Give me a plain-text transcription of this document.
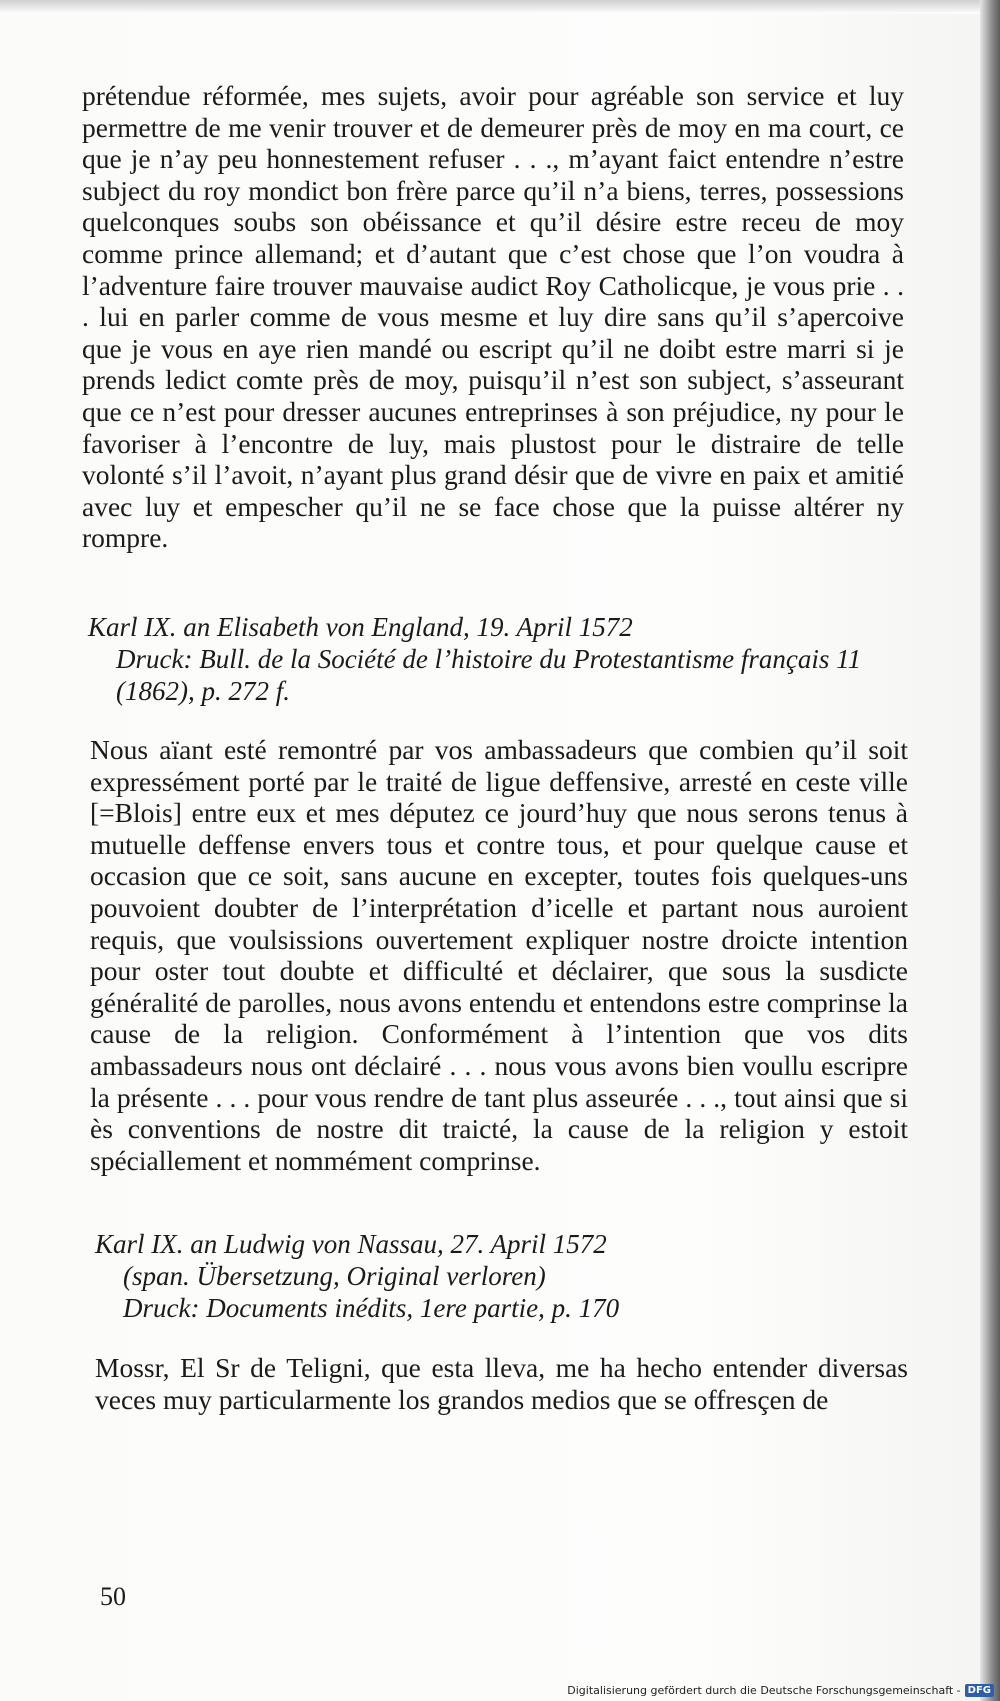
prétendue réformée, mes sujets, avoir pour agréable son service et luy permettre de me venir trouver et de demeurer près de moy en ma court, ce que je n’ay peu honnestement refuser . . ., m’ayant faict entendre n’estre subject du roy mondict bon frère parce qu’il n’a biens, terres, possessions quelconques soubs son obéissance et qu’il désire estre receu de moy comme prince allemand; et d’autant que c’est chose que l’on voudra à l’adventure faire trouver mauvaise audict Roy Catholicque, je vous prie . . . lui en parler comme de vous mesme et luy dire sans qu’il s’apercoive que je vous en aye rien mandé ou escript qu’il ne doibt estre marri si je prends ledict comte près de moy, puisqu’il n’est son subject, s’asseurant que ce n’est pour dresser aucunes entreprinses à son préjudice, ny pour le favoriser à l’encontre de luy, mais plustost pour le distraire de telle volonté s’il l’avoit, n’ayant plus grand désir que de vivre en paix et amitié avec luy et empescher qu’il ne se face chose que la puisse altérer ny rompre.

Karl IX. an Elisabeth von England, 19. April 1572
Druck: Bull. de la Société de l’histoire du Protestantisme français 11 (1862), p. 272 f.

Nous aïant esté remontré par vos ambassadeurs que combien qu’il soit expressément porté par le traité de ligue deffensive, arresté en ceste ville [=Blois] entre eux et mes députez ce jourd’huy que nous serons tenus à mutuelle deffense envers tous et contre tous, et pour quelque cause et occasion que ce soit, sans aucune en excepter, toutes fois quelques-uns pouvoient doubter de l’interprétation d’icelle et partant nous auroient requis, que voulsissions ouvertement expliquer nostre droicte intention pour oster tout doubte et difficulté et déclairer, que sous la susdicte généralité de parolles, nous avons entendu et entendons estre comprinse la cause de la religion. Conformément à l’intention que vos dits ambassadeurs nous ont déclairé . . . nous vous avons bien voullu escripre la présente . . . pour vous rendre de tant plus asseurée . . ., tout ainsi que si ès conventions de nostre dit traicté, la cause de la religion y estoit spéciallement et nommément comprinse.

Karl IX. an Ludwig von Nassau, 27. April 1572
(span. Übersetzung, Original verloren)
Druck: Documents inédits, 1ere partie, p. 170

Mossr, El Sr de Teligni, que esta lleva, me ha hecho entender diversas veces muy particularmente los grandos medios que se offresçen de

50
Digitalisierung gefördert durch die Deutsche Forschungsgemeinschaft - DFG
